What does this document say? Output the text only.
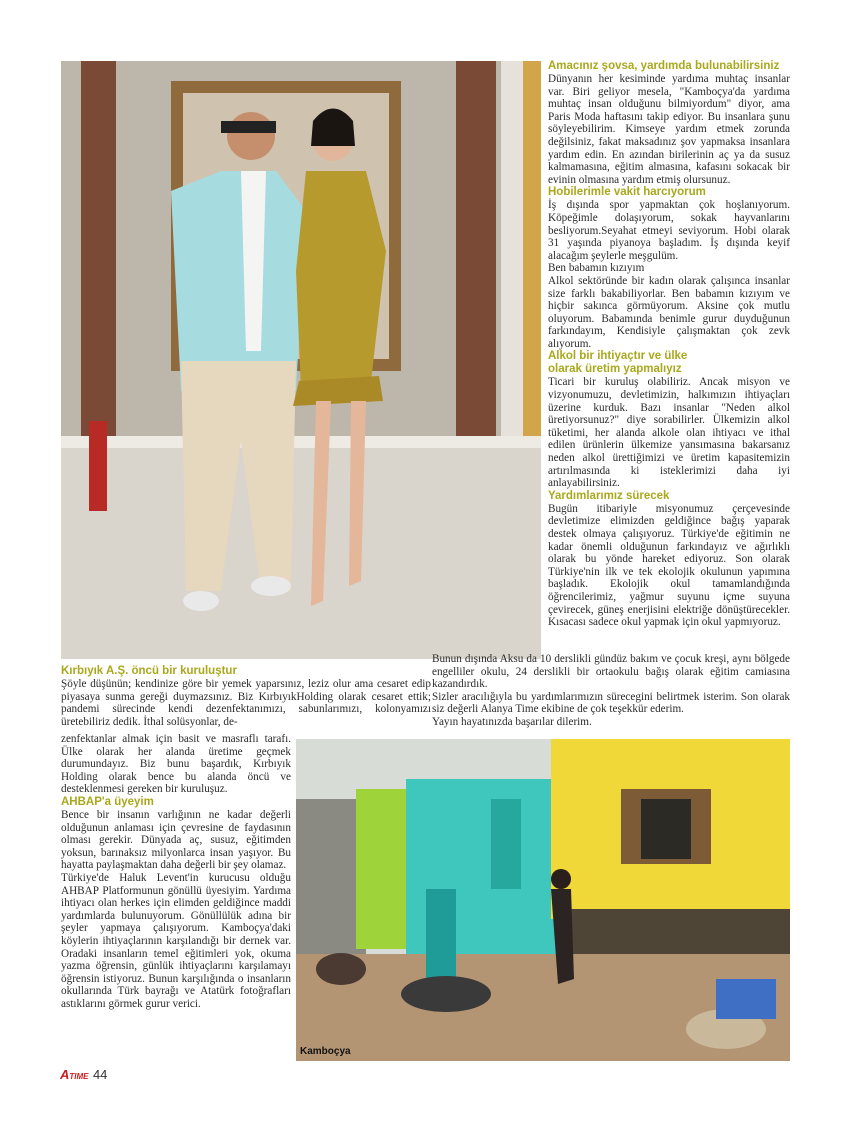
Amacınız şovsa, yardımda bulunabilirsiniz

Dünyanın her kesiminde yardıma muhtaç insanlar var. Biri geliyor mesela, "Kamboçya'da yardıma muhtaç insan olduğunu bilmiyordum" diyor, ama Paris Moda haftasını takip ediyor. Bu insanlara şunu söyleyebilirim. Kimseye yardım etmek zorunda değilsiniz, fakat maksadınız şov yapmaksa insanlara yardım edin. En azından birilerinin aç ya da susuz kalmamasına, eğitim almasına, kafasını sokacak bir evinin olmasına yardım etmiş olursunuz.

Hobilerimle vakit harcıyorum

İş dışında spor yapmaktan çok hoşlanıyorum. Köpeğimle dolaşıyorum, sokak hayvanlarını besliyorum.Seyahat etmeyi seviyorum. Hobi olarak 31 yaşında piyanoya başladım. İş dışında keyif alacağım şeylerle meşgulüm.

Ben babamın kızıyım

Alkol sektöründe bir kadın olarak çalışınca insanlar size farklı bakabiliyorlar. Ben babamın kızıyım ve hiçbir sakınca görmüyorum. Aksine çok mutlu oluyorum. Babamında benimle gurur duyduğunun farkındayım, Kendisiyle çalışmaktan çok zevk alıyorum.

Alkol bir ihtiyaçtır ve ülke olarak üretim yapmalıyız

Ticari bir kuruluş olabiliriz. Ancak misyon ve vizyonumuzu, devletimizin, halkımızın ihtiyaçları üzerine kurduk. Bazı insanlar "Neden alkol üretiyorsunuz?" diye sorabilirler. Ülkemizin alkol tüketimi, her alanda alkole olan ihtiyacı ve ithal edilen ürünlerin ülkemize yansımasına bakarsanız neden alkol ürettiğimizi ve üretim kapasitemizin artırılmasında ki isteklerimizi daha iyi anlayabilirsiniz.

Yardımlarımız sürecek

Bugün itibariyle misyonumuz çerçevesinde devletimize elimizden geldiğince bağış yaparak destek olmaya çalışıyoruz. Türkiye'de eğitimin ne kadar önemli olduğunun farkındayız ve ağırlıklı olarak bu yönde hareket ediyoruz. Son olarak Türkiye'nin ilk ve tek ekolojik okulunun yapımına başladık. Ekolojik okul tamamlandığında öğrencilerimiz, yağmur suyunu içme suyuna çevirecek, güneş enerjisini elektriğe dönüştürecekler. Kısacası sadece okul yapmak için okul yapmıyoruz.

Bunun dışında Aksu da 10 derslikli gündüz bakım ve çocuk kreşi, aynı bölgede engelliler okulu, 24 derslikli bir ortaokulu bağış olarak eğitim camiasına kazandırdık.

Sizler aracılığıyla bu yardımlarımızın sürecegini belirtmek isterim. Son olarak siz değerli Alanya Time ekibine de çok teşekkür ederim.

Yayın hayatınızda başarılar dilerim.

Kırbıyık A.Ş. öncü bir kuruluştur

Şöyle düşünün; kendinize göre bir yemek yaparsınız, leziz olur ama cesaret edip piyasaya sunma gereği duymazsınız. Biz KırbıyıkHolding olarak cesaret ettik; pandemi sürecinde kendi dezenfektanımızı, sabunlarımızı, kolonyamızı üretebiliriz dedik. İthal solüsyonlar, de-

zenfektanlar almak için basit ve masraflı tarafı. Ülke olarak her alanda üretime geçmek durumundayız. Biz bunu başardık, Kırbıyık Holding olarak bence bu alanda öncü ve desteklenmesi gereken bir kuruluşuz.

AHBAP'a üyeyim

Bence bir insanın varlığının ne kadar değerli olduğunun anlaması için çevresine de faydasının olması gerekir. Dünyada aç, susuz, eğitimden yoksun, barınaksız milyonlarca insan yaşıyor. Bu hayatta paylaşmaktan daha değerli bir şey olamaz.

Türkiye'de Haluk Levent'in kurucusu olduğu AHBAP Platformunun gönüllü üyesiyim. Yardıma ihtiyacı olan herkes için elimden geldiğince maddi yardımlarda bulunuyorum. Gönüllülük adına bir şeyler yapmaya çalışıyorum. Kamboçya'daki köylerin ihtiyaçlarının karşılandığı bir dernek var. Oradaki insanların temel eğitimleri yok, okuma yazma öğrensin, günlük ihtiyaçlarını karşılamayı öğrensin istiyoruz. Bunun karşılığında o insanların okullarında Türk bayrağı ve Atatürk fotoğrafları astıklarını görmek gurur verici.

Kamboçya
ATIME 44
